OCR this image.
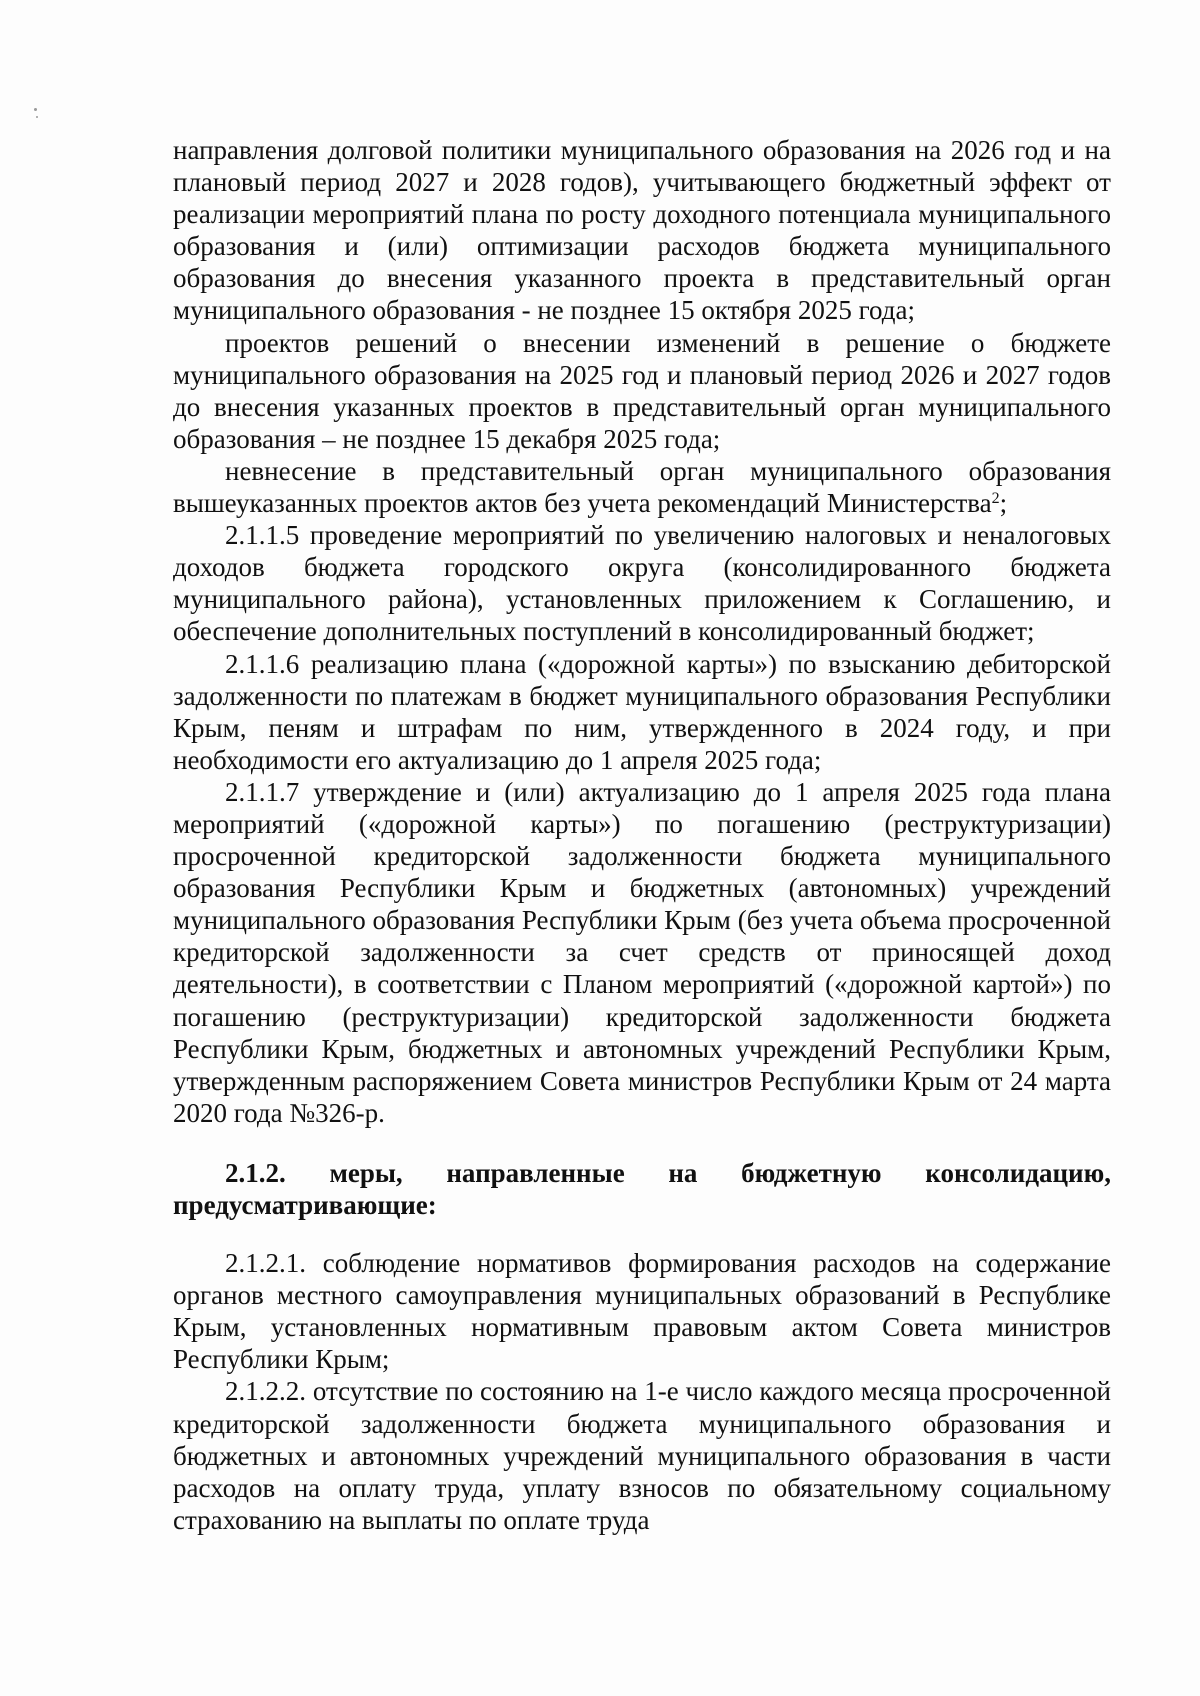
направления долговой политики муниципального образования на 2026 год и на плановый период 2027 и 2028 годов), учитывающего бюджетный эффект от реализации мероприятий плана по росту доходного потенциала муниципального образования и (или) оптимизации расходов бюджета муниципального образования до внесения указанного проекта в представительный орган муниципального образования - не позднее 15 октября 2025 года;

проектов решений о внесении изменений в решение о бюджете муниципального образования на 2025 год и плановый период 2026 и 2027 годов до внесения указанных проектов в представительный орган муниципального образования – не позднее 15 декабря 2025 года;

невнесение в представительный орган муниципального образования вышеуказанных проектов актов без учета рекомендаций Министерства$^2$;

2.1.1.5 проведение мероприятий по увеличению налоговых и неналоговых доходов бюджета городского округа (консолидированного бюджета муниципального района), установленных приложением к Соглашению, и обеспечение дополнительных поступлений в консолидированный бюджет;

2.1.1.6 реализацию плана («дорожной карты») по взысканию дебиторской задолженности по платежам в бюджет муниципального образования Республики Крым, пеням и штрафам по ним, утвержденного в 2024 году, и при необходимости его актуализацию до 1 апреля 2025 года;

2.1.1.7 утверждение и (или) актуализацию до 1 апреля 2025 года плана мероприятий («дорожной карты») по погашению (реструктуризации) просроченной кредиторской задолженности бюджета муниципального образования Республики Крым и бюджетных (автономных) учреждений муниципального образования Республики Крым (без учета объема просроченной кредиторской задолженности за счет средств от приносящей доход деятельности), в соответствии с Планом мероприятий («дорожной картой») по погашению (реструктуризации) кредиторской задолженности бюджета Республики Крым, бюджетных и автономных учреждений Республики Крым, утвержденным распоряжением Совета министров Республики Крым от 24 марта 2020 года №326-р.

2.1.2. меры, направленные на бюджетную консолидацию, предусматривающие:

2.1.2.1. соблюдение нормативов формирования расходов на содержание органов местного самоуправления муниципальных образований в Республике Крым, установленных нормативным правовым актом Совета министров Республики Крым;

2.1.2.2. отсутствие по состоянию на 1-е число каждого месяца просроченной кредиторской задолженности бюджета муниципального образования и бюджетных и автономных учреждений муниципального образования в части расходов на оплату труда, уплату взносов по обязательному социальному страхованию на выплаты по оплате труда
